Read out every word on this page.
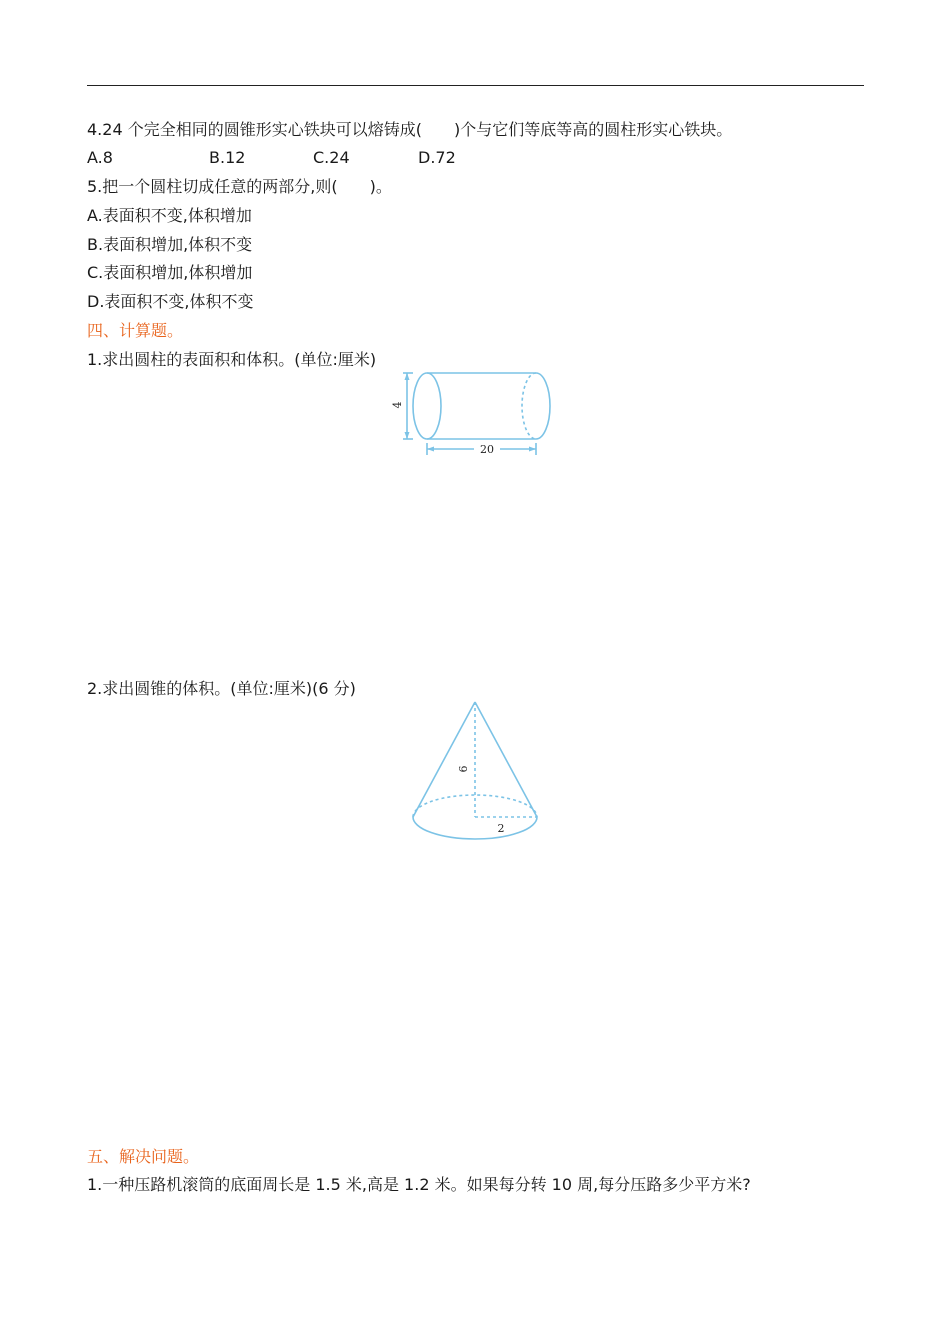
4.24 个完全相同的圆锥形实心铁块可以熔铸成(　　)个与它们等底等高的圆柱形实心铁块。
A.8	B.12	C.24	D.72
5.把一个圆柱切成任意的两部分,则(　　)。
A.表面积不变,体积增加
B.表面积增加,体积不变
C.表面积增加,体积增加
D.表面积不变,体积不变
四、计算题。
1.求出圆柱的表面积和体积。(单位:厘米)
4
20
2.求出圆锥的体积。(单位:厘米)(6 分)
6
2
五、解决问题。
1.一种压路机滚筒的底面周长是 1.5 米,高是 1.2 米。如果每分转 10 周,每分压路多少平方米?
